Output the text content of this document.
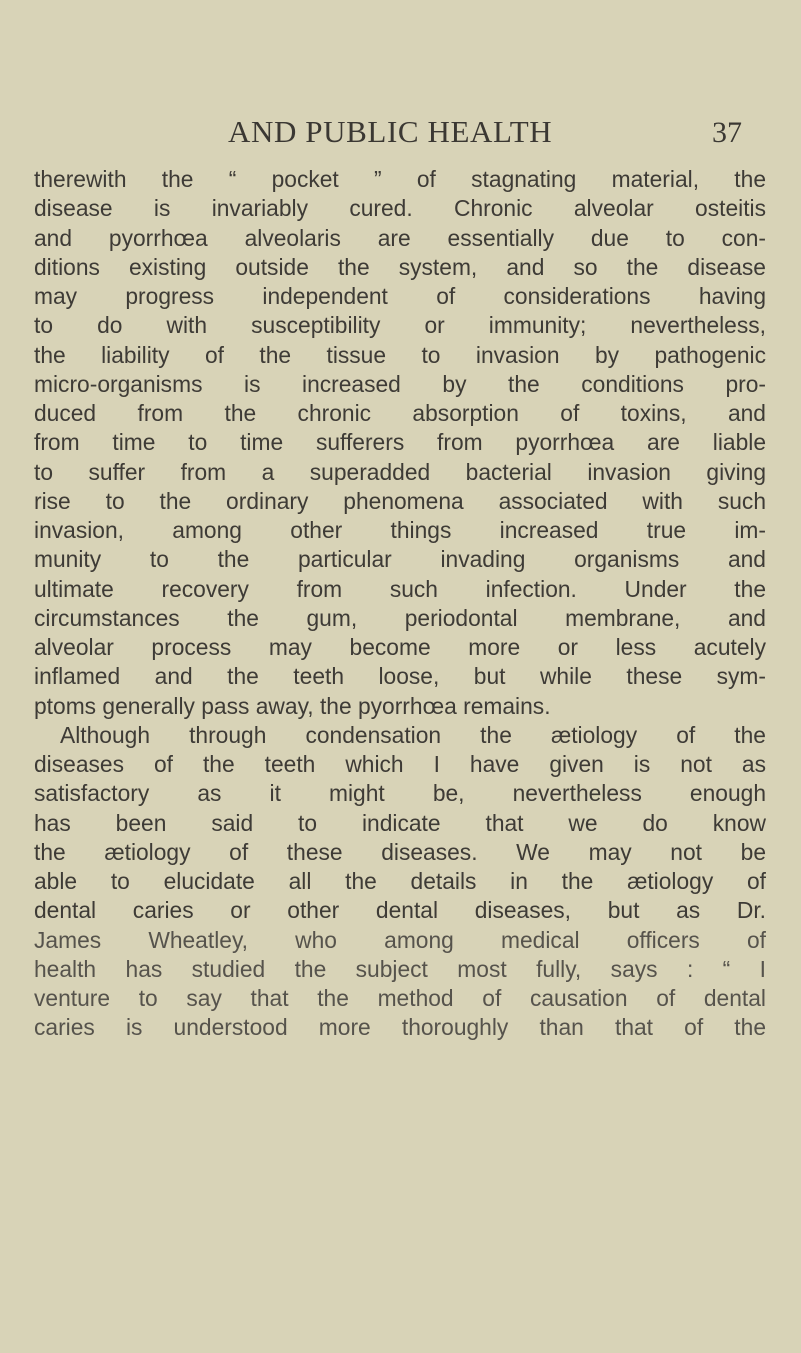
AND PUBLIC HEALTH	37
therewith the “ pocket ” of stagnating material, the
disease is invariably cured. Chronic alveolar osteitis
and pyorrhœa alveolaris are essentially due to con-
ditions existing outside the system, and so the disease
may progress independent of considerations having
to do with susceptibility or immunity; nevertheless,
the liability of the tissue to invasion by pathogenic
micro-organisms is increased by the conditions pro-
duced from the chronic absorption of toxins, and
from time to time sufferers from pyorrhœa are liable
to suffer from a superadded bacterial invasion giving
rise to the ordinary phenomena associated with such
invasion, among other things increased true im-
munity to the particular invading organisms and
ultimate recovery from such infection. Under the
circumstances the gum, periodontal membrane, and
alveolar process may become more or less acutely
inflamed and the teeth loose, but while these sym-
ptoms generally pass away, the pyorrhœa remains.
Although through condensation the ætiology of the
diseases of the teeth which I have given is not as
satisfactory as it might be, nevertheless enough
has been said to indicate that we do know
the ætiology of these diseases. We may not be
able to elucidate all the details in the ætiology of
dental caries or other dental diseases, but as Dr.
James Wheatley, who among medical officers of
health has studied the subject most fully, says : “ I
venture to say that the method of causation of dental
caries is understood more thoroughly than that of the
